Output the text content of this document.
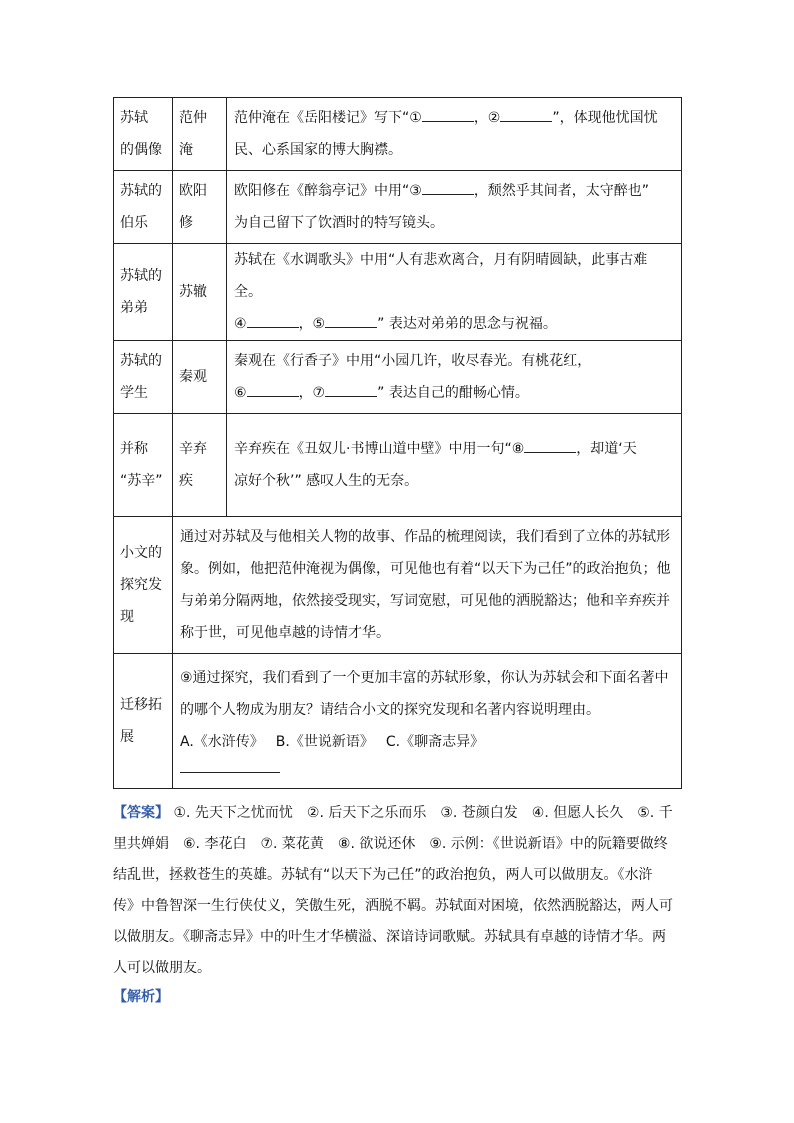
苏轼
的偶像	范仲
淹	范仲淹在《岳阳楼记》写下“① ，② ”，体现他忧国忧
民、心系国家的博大胸襟。

苏轼的
伯乐	欧阳
修	欧阳修在《醉翁亭记》中用“③ ，颓然乎其间者，太守醉也”
为自己留下了饮酒时的特写镜头。

苏轼的
弟弟	苏辙	苏轼在《水调歌头》中用“人有悲欢离合，月有阴晴圆缺，此事古难全。
④ ，⑤ ” 表达对弟弟的思念与祝福。

苏轼的
学生	秦观	秦观在《行香子》中用“小园几许，收尽春光。有桃花红，
⑥ ，⑦ ” 表达自己的酣畅心情。

并称
“苏辛”	辛弃
疾	辛弃疾在《丑奴儿·书博山道中壁》中用一句“⑧ ，却道‘天
凉好个秋’” 感叹人生的无奈。

小文的
探究发
现	通过对苏轼及与他相关人物的故事、作品的梳理阅读，我们看到了立体的苏轼形象。例如，他把范仲淹视为偶像，可见他也有着“以天下为己任”的政治抱负；他与弟弟分隔两地，依然接受现实，写词宽慰，可见他的洒脱豁达；他和辛弃疾并称于世，可见他卓越的诗情才华。	

迁移拓
展	⑨通过探究，我们看到了一个更加丰富的苏轼形象，你认为苏轼会和下面名著中的哪个人物成为朋友？请结合小文的探究发现和名著内容说明理由。
A.《水浒传》 B.《世说新语》 C.《聊斋志异》	
【答案】 ①. 先天下之忧而忧　②. 后天下之乐而乐　③. 苍颜白发　④. 但愿人长久　⑤. 千里共婵娟　⑥. 李花白　⑦. 菜花黄　⑧. 欲说还休　⑨. 示例：《世说新语》中的阮籍要做终结乱世，拯救苍生的英雄。苏轼有“以天下为己任”的政治抱负，两人可以做朋友。《水浒传》中鲁智深一生行侠仗义，笑傲生死，洒脱不羁。苏轼面对困境，依然洒脱豁达，两人可以做朋友。《聊斋志异》中的叶生才华横溢、深谙诗词歌赋。苏轼具有卓越的诗情才华。两人可以做朋友。
【解析】
